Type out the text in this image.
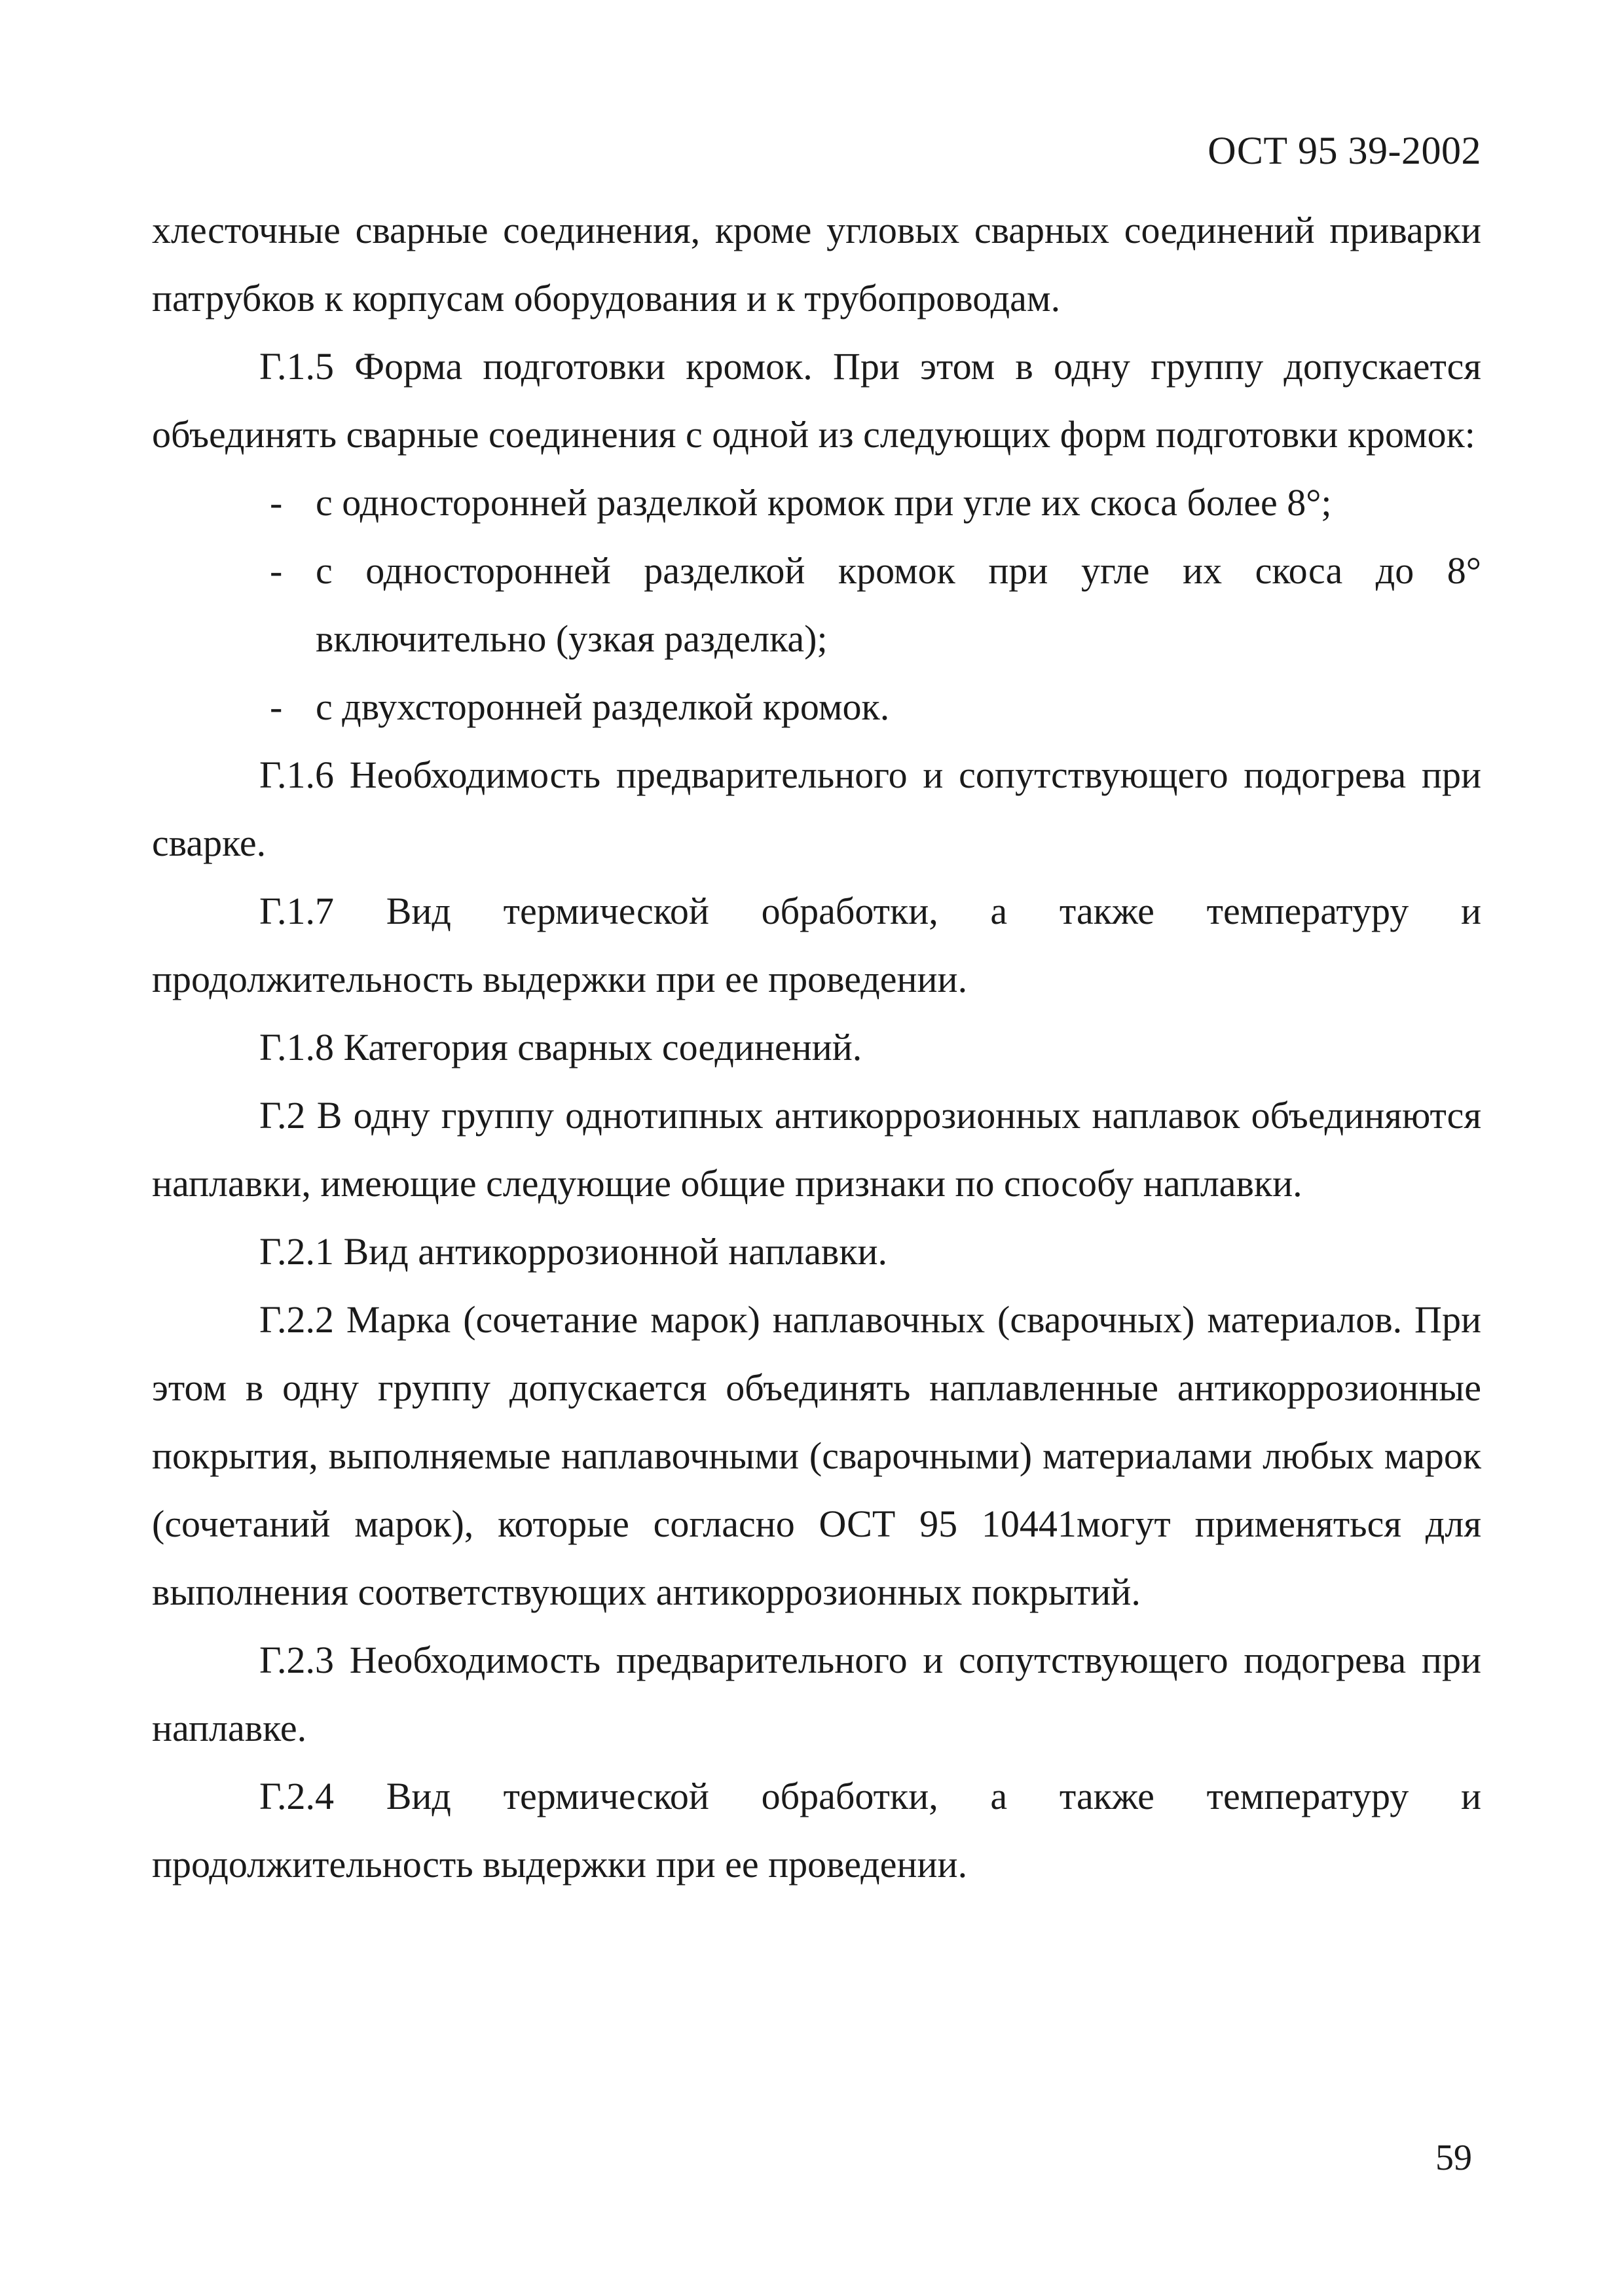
ОСТ 95 39-2002

хлесточные сварные соединения, кроме угловых сварных соединений приварки патрубков к корпусам оборудования и к трубопроводам.

Г.1.5 Форма подготовки кромок. При этом в одну группу допускается объединять сварные соединения с одной из следующих форм подготовки кромок:

- с односторонней разделкой кромок при угле их скоса более 8°;
- с односторонней разделкой кромок при угле их скоса до 8° включительно (узкая разделка);
- с двухсторонней разделкой кромок.

Г.1.6 Необходимость предварительного и сопутствующего подогрева при сварке.

Г.1.7 Вид термической обработки, а также температуру и продолжительность выдержки при ее проведении.

Г.1.8 Категория сварных соединений.

Г.2 В одну группу однотипных антикоррозионных наплавок объединяются наплавки, имеющие следующие общие признаки по способу наплавки.

Г.2.1 Вид антикоррозионной наплавки.

Г.2.2 Марка (сочетание марок) наплавочных (сварочных) материалов. При этом в одну группу допускается объединять наплавленные антикоррозионные покрытия, выполняемые наплавочными (сварочными) материалами любых марок (сочетаний марок), которые согласно ОСТ 95 10441могут применяться для выполнения соответствующих антикоррозионных покрытий.

Г.2.3 Необходимость предварительного и сопутствующего подогрева при наплавке.

Г.2.4 Вид термической обработки, а также температуру и продолжительность выдержки при ее проведении.

59
